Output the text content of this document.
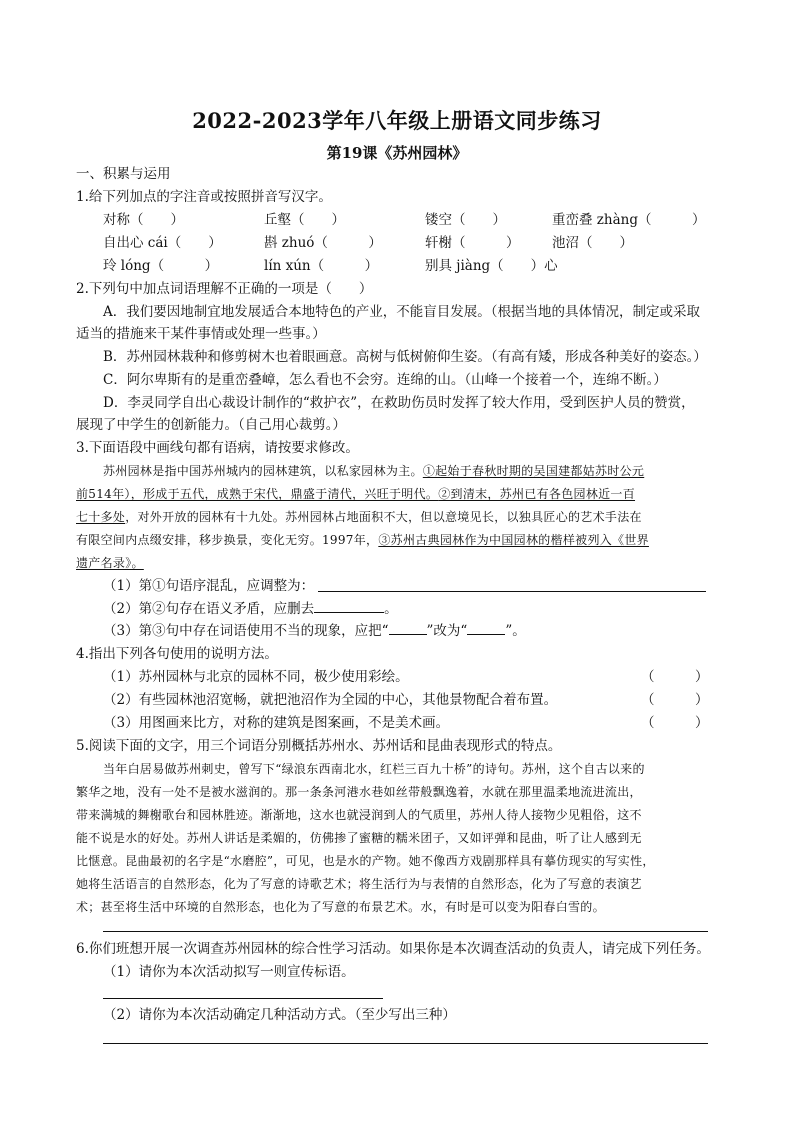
2022-2023学年八年级上册语文同步练习
第19课《苏州园林》
一、积累与运用
1.给下列加点的字注音或按照拼音写汉字。
对称（　　）	丘壑（　　）	镂空（　　）	重峦叠 zhàng（　　　）
自出心 cái（　　）	斟 zhuó（　　　）	轩榭（　　　） 池沼（　　）
玲 lóng（　　　）	lín xún（　　　）	别具 jiàng（　　）心
2.下列句中加点词语理解不正确的一项是（　　）
A．我们要因地制宜地发展适合本地特色的产业，不能盲目发展。（根据当地的具体情况，制定或采取
适当的措施来干某件事情或处理一些事。）
B．苏州园林栽种和修剪树木也着眼画意。高树与低树俯仰生姿。（有高有矮，形成各种美好的姿态。）
C．阿尔卑斯有的是重峦叠嶂，怎么看也不会穷。连绵的山。（山峰一个接着一个，连绵不断。）
D．李灵同学自出心裁设计制作的“救护衣”，在救助伤员时发挥了较大作用，受到医护人员的赞赏，
展现了中学生的创新能力。（自己用心裁剪。）
3.下面语段中画线句都有语病，请按要求修改。
苏州园林是指中国苏州城内的园林建筑，以私家园林为主。①起始于春秋时期的吴国建都姑苏时公元
前514年），形成于五代，成熟于宋代，鼎盛于清代，兴旺于明代。②到清末，苏州已有各色园林近一百
七十多处，对外开放的园林有十九处。苏州园林占地面积不大，但以意境见长，以独具匠心的艺术手法在
有限空间内点缀安排，移步换景，变化无穷。1997年，③苏州古典园林作为中国园林的楷样被列入《世界
遗产名录》。
（1）第①句语序混乱，应调整为：
（2）第②句存在语义矛盾，应删去	。
（3）第③句中存在词语使用不当的现象，应把“	”改为“	”。
4.指出下列各句使用的说明方法。
（1）苏州园林与北京的园林不同，极少使用彩绘。	（　　　）
（2）有些园林池沼宽畅，就把池沼作为全园的中心，其他景物配合着布置。	（　　　）
（3）用图画来比方，对称的建筑是图案画，不是美术画。	（　　　）
5.阅读下面的文字，用三个词语分别概括苏州水、苏州话和昆曲表现形式的特点。
当年白居易做苏州刺史，曾写下“绿浪东西南北水，红栏三百九十桥”的诗句。苏州，这个自古以来的
繁华之地，没有一处不是被水滋润的。那一条条河港水巷如丝带般飘逸着，水就在那里温柔地流进流出，
带来满城的舞榭歌台和园林胜迹。渐渐地，这水也就浸润到人的气质里，苏州人待人接物少见粗俗，这不
能不说是水的好处。苏州人讲话是柔媚的，仿佛掺了蜜糖的糯米团子，又如评弹和昆曲，听了让人感到无
比惬意。昆曲最初的名字是“水磨腔”，可见，也是水的产物。她不像西方戏剧那样具有摹仿现实的写实性，
她将生活语言的自然形态，化为了写意的诗歌艺术；将生活行为与表情的自然形态，化为了写意的表演艺
术；甚至将生活中环境的自然形态，也化为了写意的布景艺术。水，有时是可以变为阳春白雪的。
6.你们班想开展一次调查苏州园林的综合性学习活动。如果你是本次调查活动的负责人，请完成下列任务。
（1）请你为本次活动拟写一则宣传标语。
（2）请你为本次活动确定几种活动方式。（至少写出三种）
